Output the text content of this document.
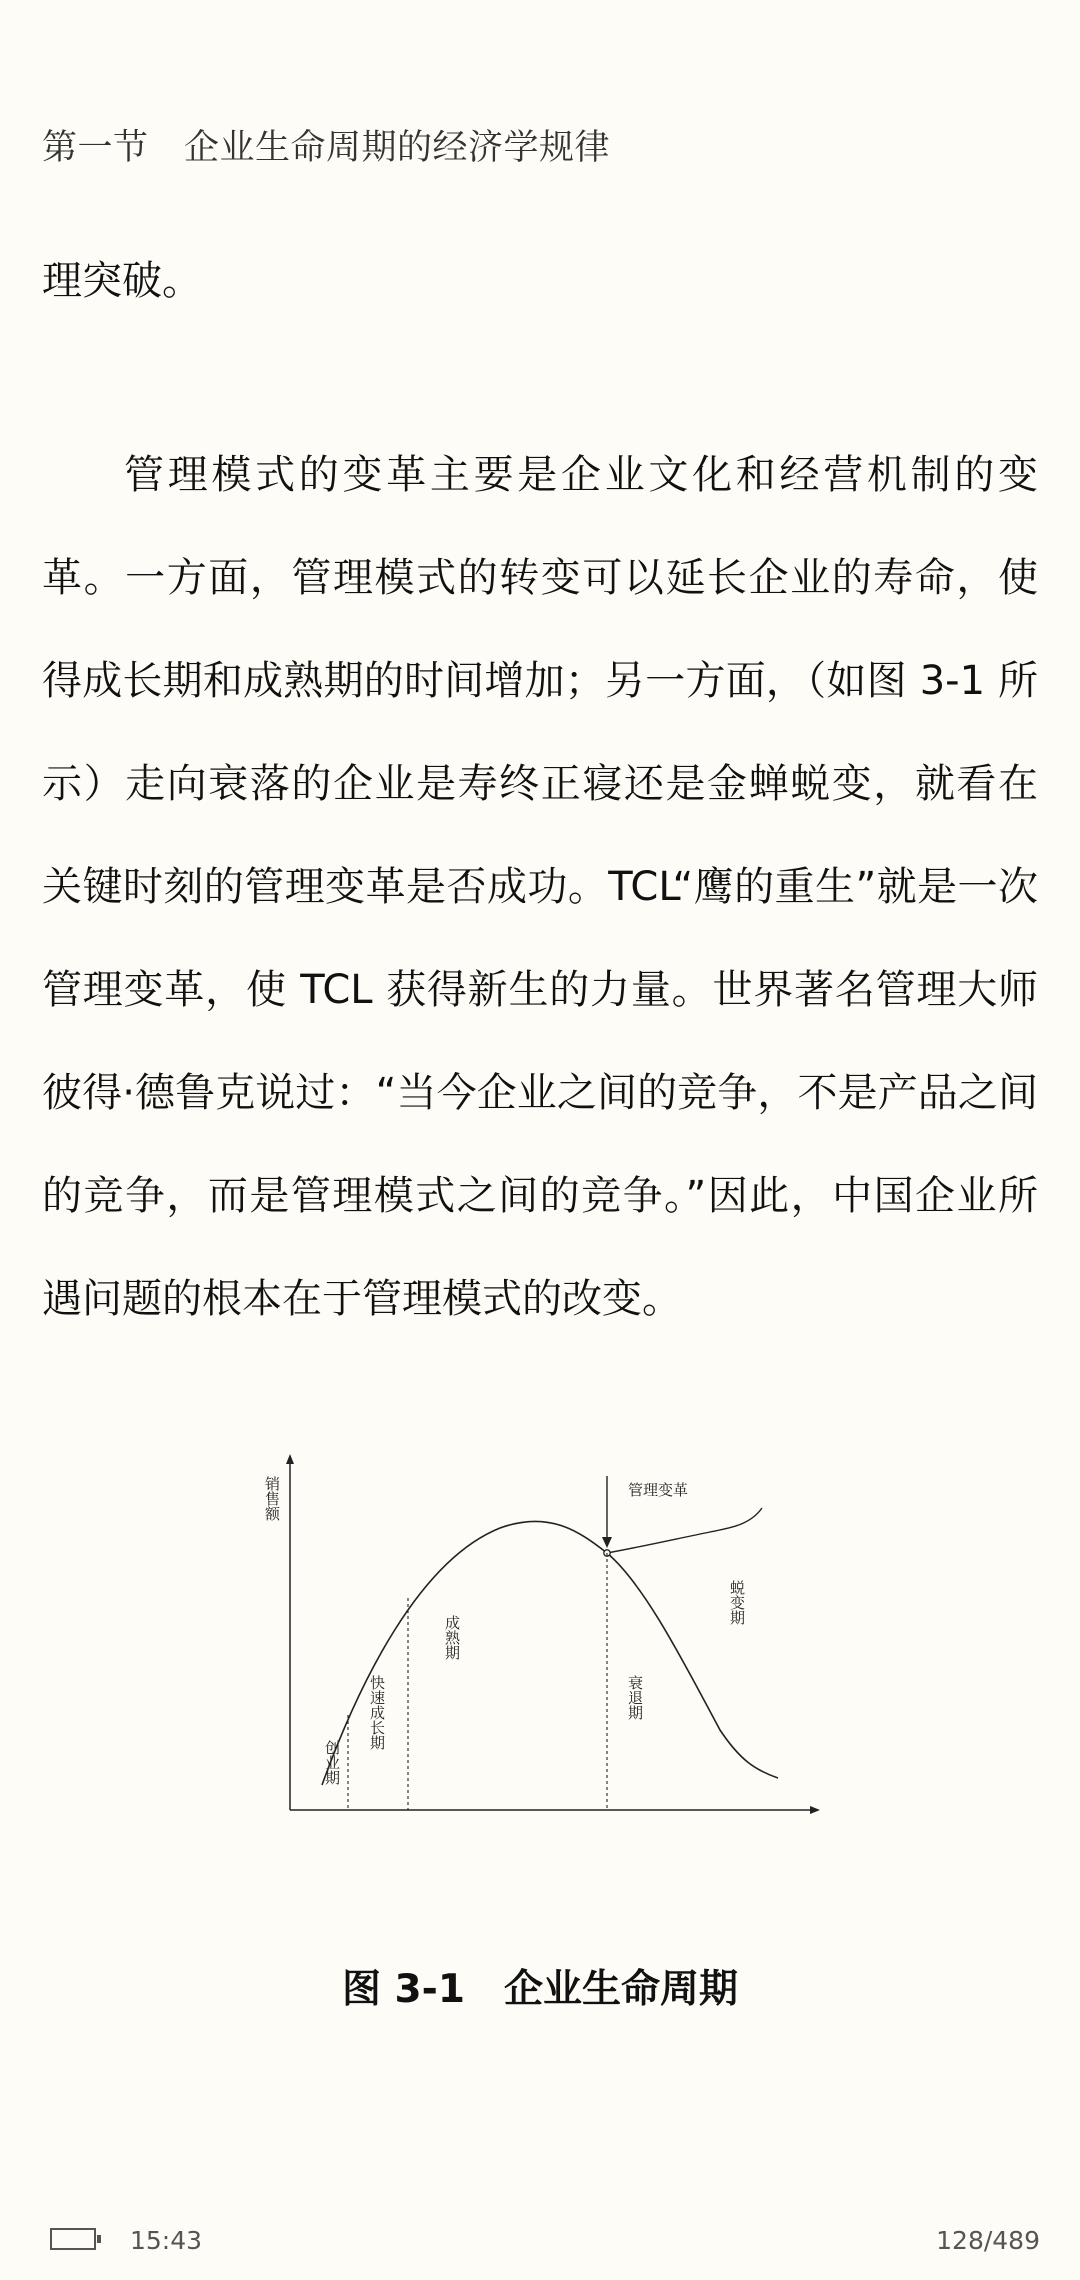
第一节　企业生命周期的经济学规律
理突破。
管理模式的变革主要是企业文化和经营机制的变革。一方面，管理模式的转变可以延长企业的寿命，使得成长期和成熟期的时间增加；另一方面，（如图 3-1 所示）走向衰落的企业是寿终正寝还是金蝉蜕变，就看在关键时刻的管理变革是否成功。TCL“鹰的重生”就是一次管理变革，使 TCL 获得新生的力量。世界著名管理大师彼得·德鲁克说过：“当今企业之间的竞争，不是产品之间的竞争，而是管理模式之间的竞争。”因此，中国企业所遇问题的根本在于管理模式的改变。
销售额	管理变革
创业期
快速成长期
成熟期
衰退期
蜕变期
图 3-1　企业生命周期
15:43	128/489
